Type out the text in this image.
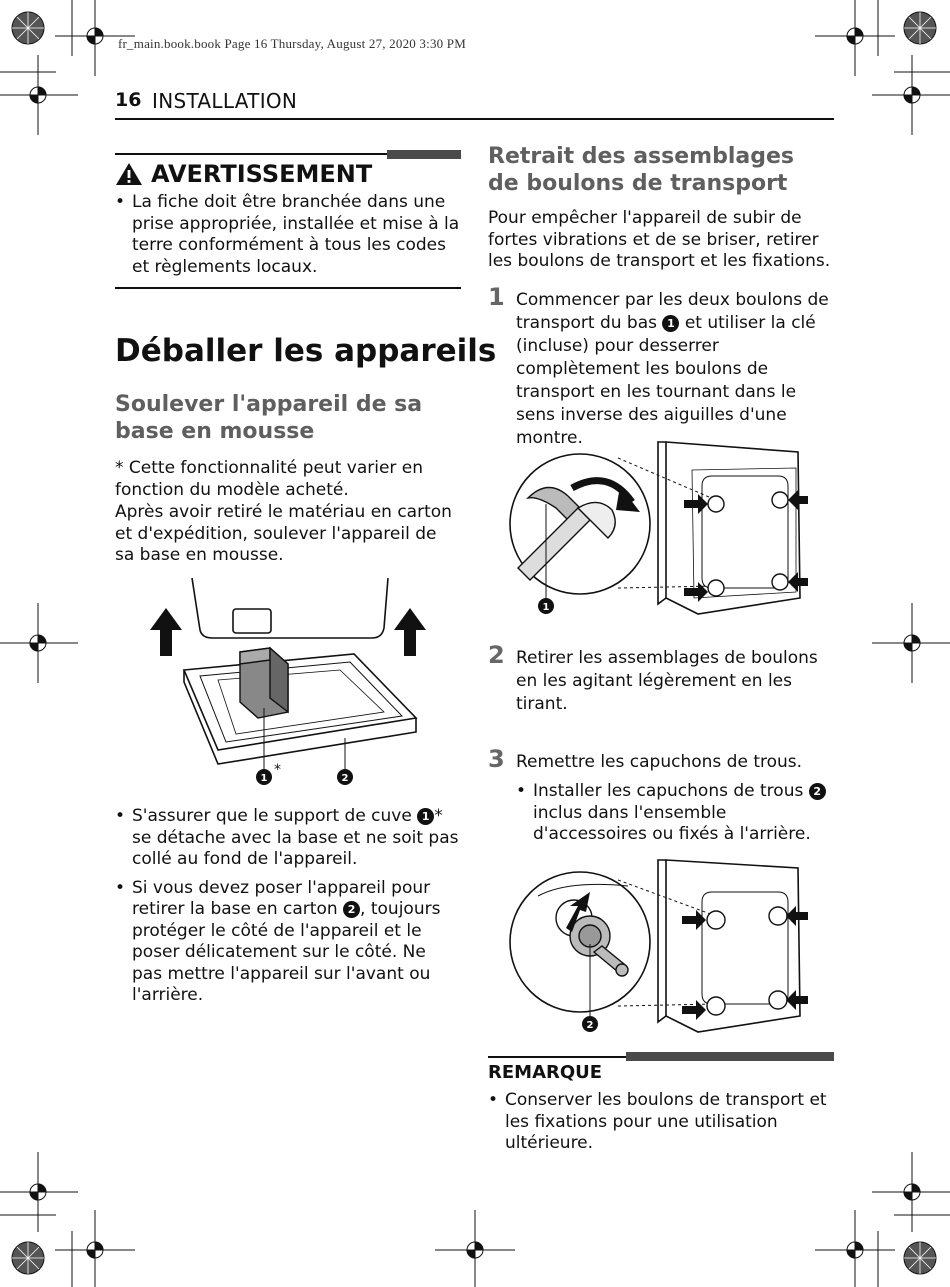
fr_main.book.book Page 16 Thursday, August 27, 2020 3:30 PM
16 INSTALLATION
AVERTISSEMENT
• La fiche doit être branchée dans une prise appropriée, installée et mise à la terre conformément à tous les codes et règlements locaux.
Déballer les appareils
Soulever l'appareil de sa base en mousse
* Cette fonctionnalité peut varier en fonction du modèle acheté.
Après avoir retiré le matériau en carton et d'expédition, soulever l'appareil de sa base en mousse.
1
*
2
• S'assurer que le support de cuve 1 * se détache avec la base et ne soit pas collé au fond de l'appareil.
• Si vous devez poser l'appareil pour retirer la base en carton 2 , toujours protéger le côté de l'appareil et le poser délicatement sur le côté. Ne pas mettre l'appareil sur l'avant ou l'arrière.
Retrait des assemblages de boulons de transport
Pour empêcher l'appareil de subir de fortes vibrations et de se briser, retirer les boulons de transport et les fixations.
1 Commencer par les deux boulons de transport du bas 1 et utiliser la clé (incluse) pour desserrer complètement les boulons de transport en les tournant dans le sens inverse des aiguilles d'une montre.
1
2 Retirer les assemblages de boulons en les agitant légèrement en les tirant.
3 Remettre les capuchons de trous.
• Installer les capuchons de trous 2 inclus dans l'ensemble d'accessoires ou fixés à l'arrière.
2
REMARQUE
• Conserver les boulons de transport et les fixations pour une utilisation ultérieure.
